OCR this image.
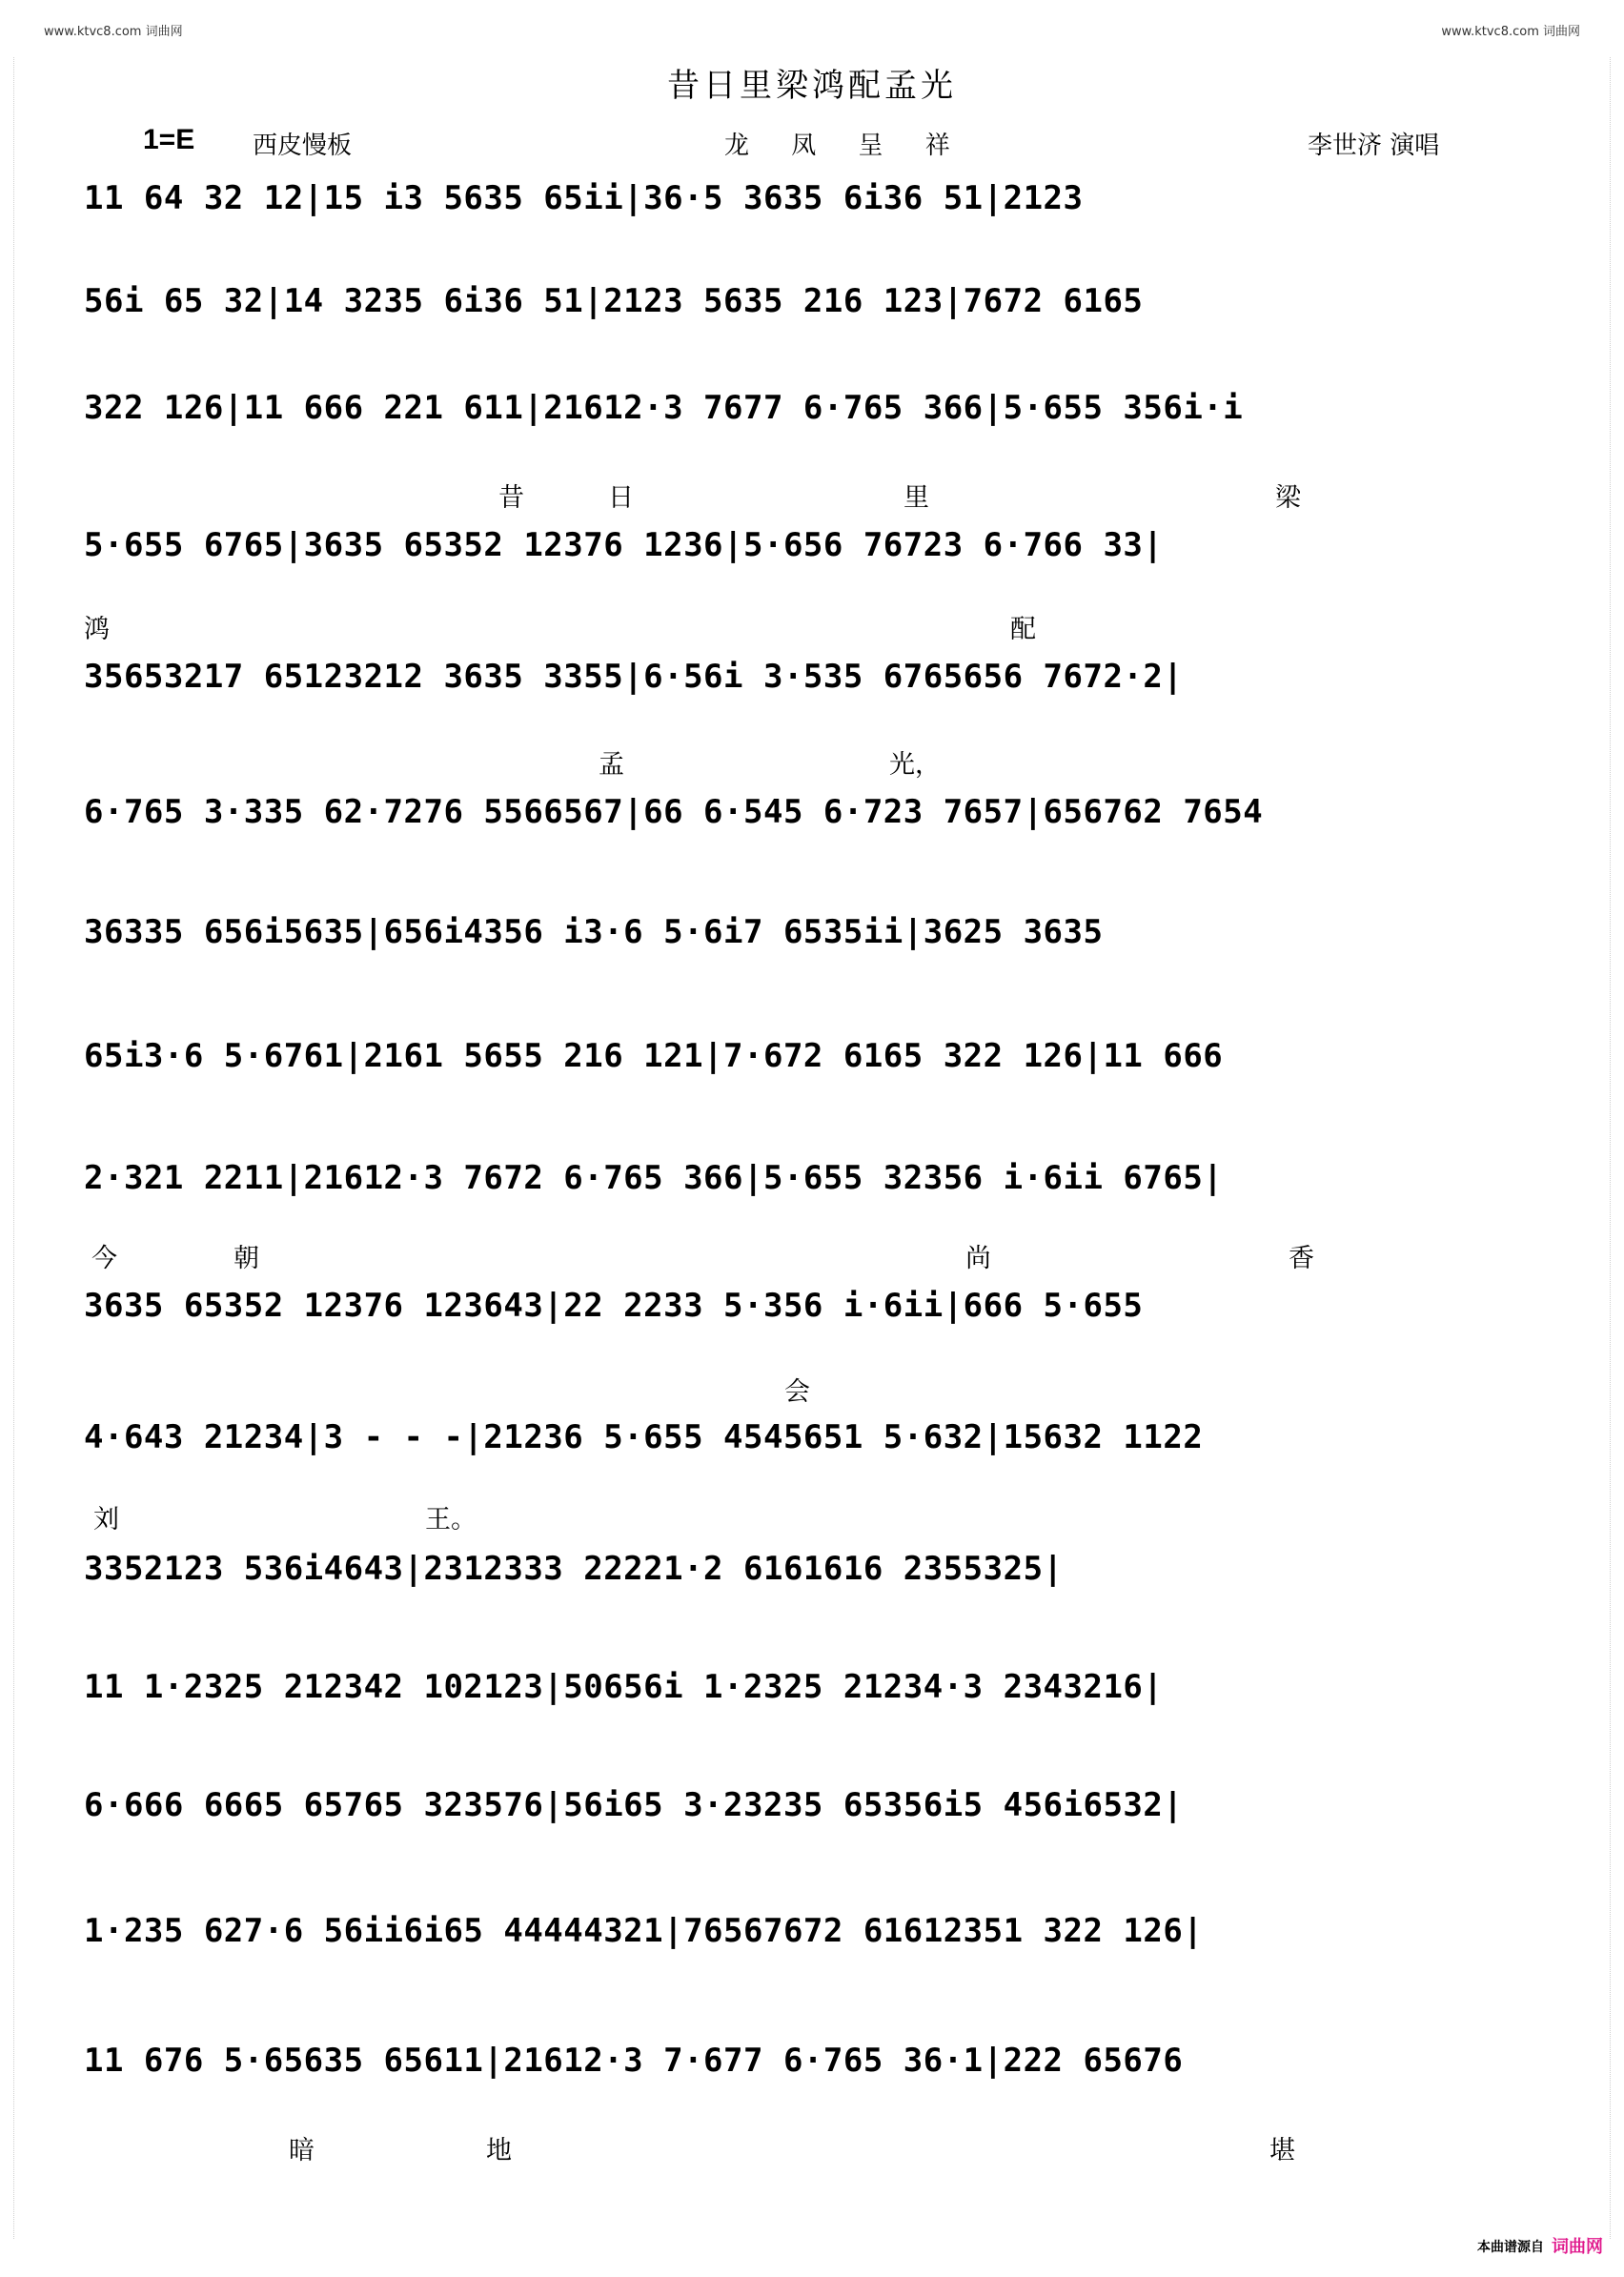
www.ktvc8.com 词曲网	www.ktvc8.com 词曲网
昔日里梁鸿配孟光
1=E 西皮慢板	龙 凤 呈 祥	李世济 演唱
11 64 32 12|15 i3 5635 65ii|36·5 3635 6i36 51|2123
56i 65 32|14 3235 6i36 51|2123 5635 216 123|7672 6165
322 126|11 666 221 611|21612·3 7677 6·765 366|5·655 356i·i
昔	日	里	梁
5·655 6765|3635 65352 12376 1236|5·656 76723 6·766 33|
鸿	配
35653217 65123212 3635 3355|6·56i 3·535 6765656 7672·2|
孟	光，
6·765 3·335 62·7276 5566567|66 6·545 6·723 7657|656762 7654
36335 656i5635|656i4356 i3·6 5·6i7 6535ii|3625 3635
65i3·6 5·6761|2161 5655 216 121|7·672 6165 322 126|11 666
2·321 2211|21612·3 7672 6·765 366|5·655 32356 i·6ii 6765|
今	朝	尚	香
3635 65352 12376 123643|22 2233 5·356 i·6ii|666 5·655
会
4·643 21234|3 - - -|21236 5·655 4545651 5·632|15632 1122
刘	王。
3352123 536i4643|2312333 22221·2 6161616 2355325|
11 1·2325 212342 102123|50656i 1·2325 21234·3 2343216|
6·666 6665 65765 323576|56i65 3·23235 65356i5 456i6532|
1·235 627·6 56ii6i65 44444321|76567672 61612351 322 126|
11 676 5·65635 65611|21612·3 7·677 6·765 36·1|222 65676
暗	地	堪
本曲谱源自 词曲网
